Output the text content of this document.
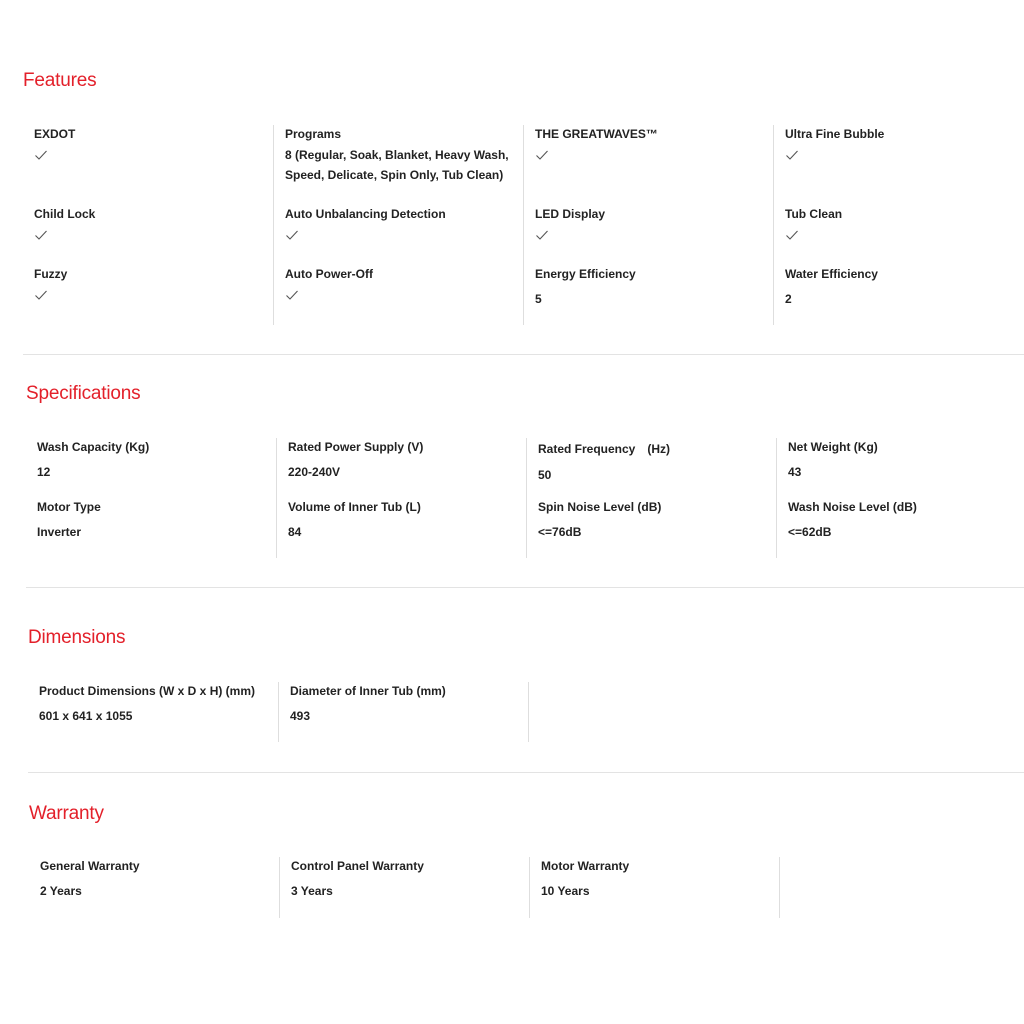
Features
EXDOT
Child Lock
Fuzzy
Programs
8 (Regular, Soak, Blanket, Heavy Wash,
Speed, Delicate, Spin Only, Tub Clean)
Auto Unbalancing Detection
Auto Power-Off
THE GREATWAVES™
LED Display
Energy Efficiency
5
Ultra Fine Bubble
Tub Clean
Water Efficiency
2
Specifications
Wash Capacity (Kg)
12
Motor Type
Inverter
Rated Power Supply (V)
220-240V
Volume of Inner Tub (L)
84
Rated Frequency　(Hz)
50
Spin Noise Level (dB)
<=76dB
Net Weight (Kg)
43
Wash Noise Level (dB)
<=62dB
Dimensions
Product Dimensions (W x D x H) (mm)
601 x 641 x 1055
Diameter of Inner Tub (mm)
493
Warranty
General Warranty
2 Years
Control Panel Warranty
3 Years
Motor Warranty
10 Years
